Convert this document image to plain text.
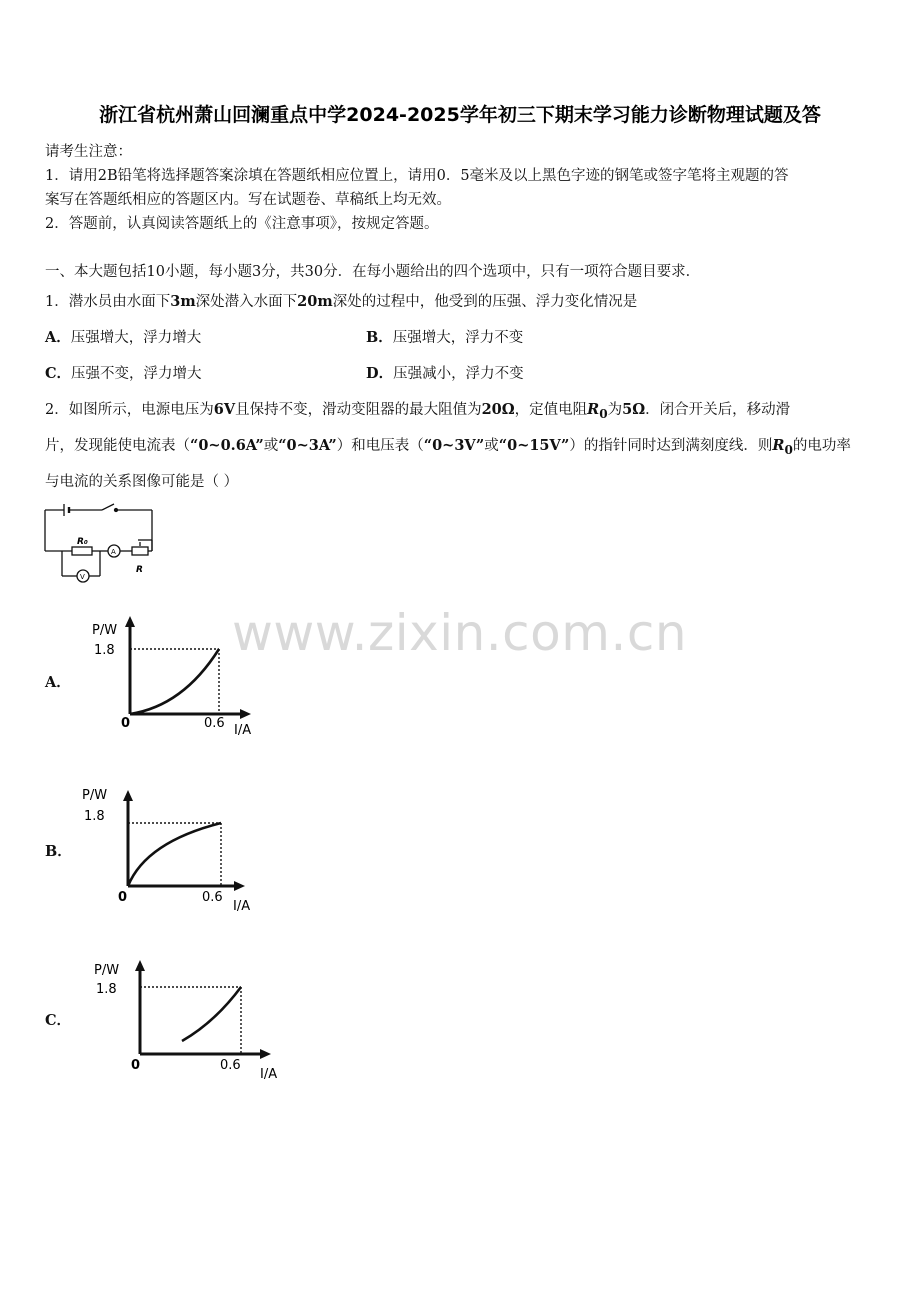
浙江省杭州萧山回澜重点中学2024-2025学年初三下期末学习能力诊断物理试题及答
请考生注意：
1．请用2B铅笔将选择题答案涂填在答题纸相应位置上，请用0．5毫米及以上黑色字迹的钢笔或签字笔将主观题的答
案写在答题纸相应的答题区内。写在试题卷、草稿纸上均无效。
2．答题前，认真阅读答题纸上的《注意事项》，按规定答题。
一、本大题包括10小题，每小题3分，共30分．在每小题给出的四个选项中，只有一项符合题目要求．
1．潜水员由水面下3m深处潜入水面下20m深处的过程中，他受到的压强、浮力变化情况是
A．压强增大，浮力增大	B．压强增大，浮力不变
C．压强不变，浮力增大	D．压强减小，浮力不变
2．如图所示，电源电压为6V且保持不变，滑动变阻器的最大阻值为20Ω，定值电阻$R_0$为5Ω．闭合开关后，移动滑
片，发现能使电流表（“0~0.6A”或“0~3A”）和电压表（“0~3V”或“0~15V”）的指针同时达到满刻度线．则$R_0$的电功率
与电流的关系图像可能是（ ）
R₀
A
V
R
www.zixin.com.cn
A．
P/W
1.8
0	0.6 I/A
B．
P/W
1.8
0	0.6
I/A
C．
P/W
1.8
0	0.6
I/A
